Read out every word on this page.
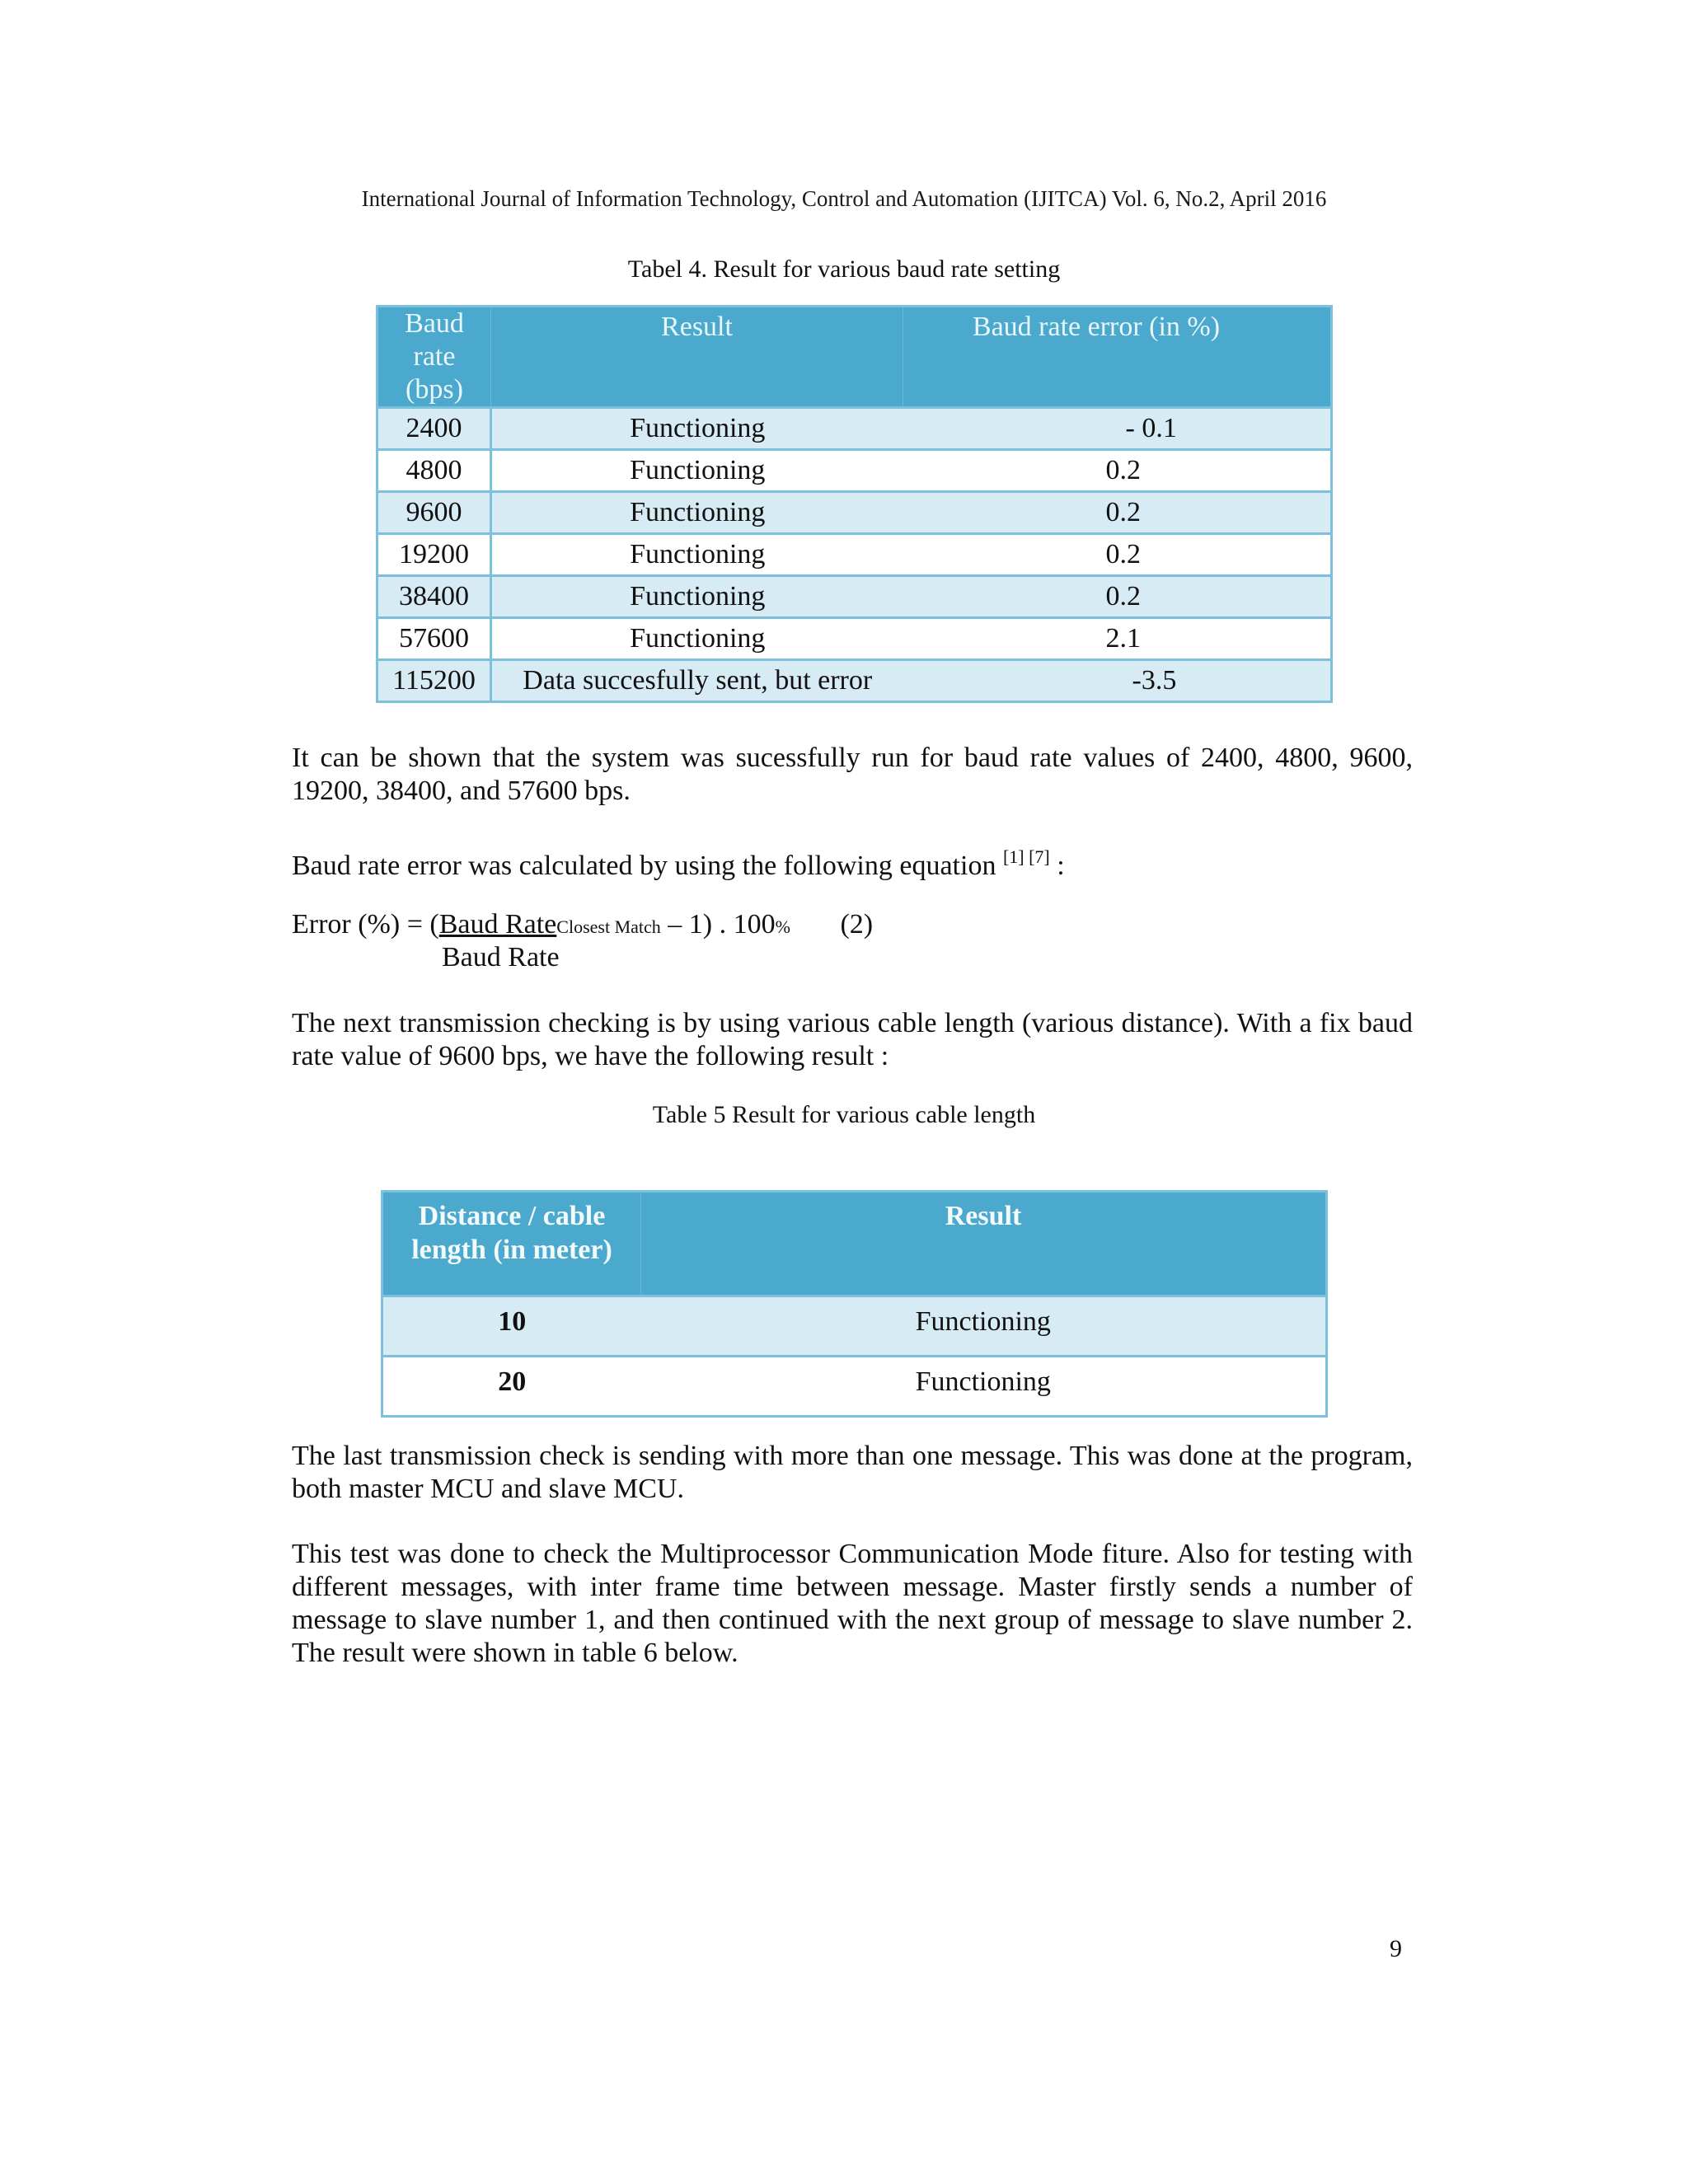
International Journal of Information Technology, Control and Automation (IJITCA) Vol. 6, No.2, April 2016
Tabel 4. Result for various baud rate setting
Baud rate (bps)	Result	Baud rate error (in %)
2400	Functioning	- 0.1
4800	Functioning	0.2
9600	Functioning	0.2
19200	Functioning	0.2
38400	Functioning	0.2
57600	Functioning	2.1
115200	Data succesfully sent, but error	-3.5
It can be shown that the system was sucessfully run for baud rate values of 2400, 4800, 9600, 19200, 38400, and 57600 bps.
Baud rate error was calculated by using the following equation [1] [7] :
Error (%) = (Baud RateClosest Match – 1) . 100% (2)
Baud Rate
The next transmission checking is by using various cable length (various distance). With a fix baud rate value of 9600 bps, we have the following result :
Table 5 Result for various cable length
Distance / cable length (in meter)	Result
10	Functioning
20	Functioning
The last transmission check is sending with more than one message. This was done at the program, both master MCU and slave MCU.
This test was done to check the Multiprocessor Communication Mode fiture. Also for testing with different messages, with inter frame time between message. Master firstly sends a number of message to slave number 1, and then continued with the next group of message to slave number 2. The result were shown in table 6 below.
9
